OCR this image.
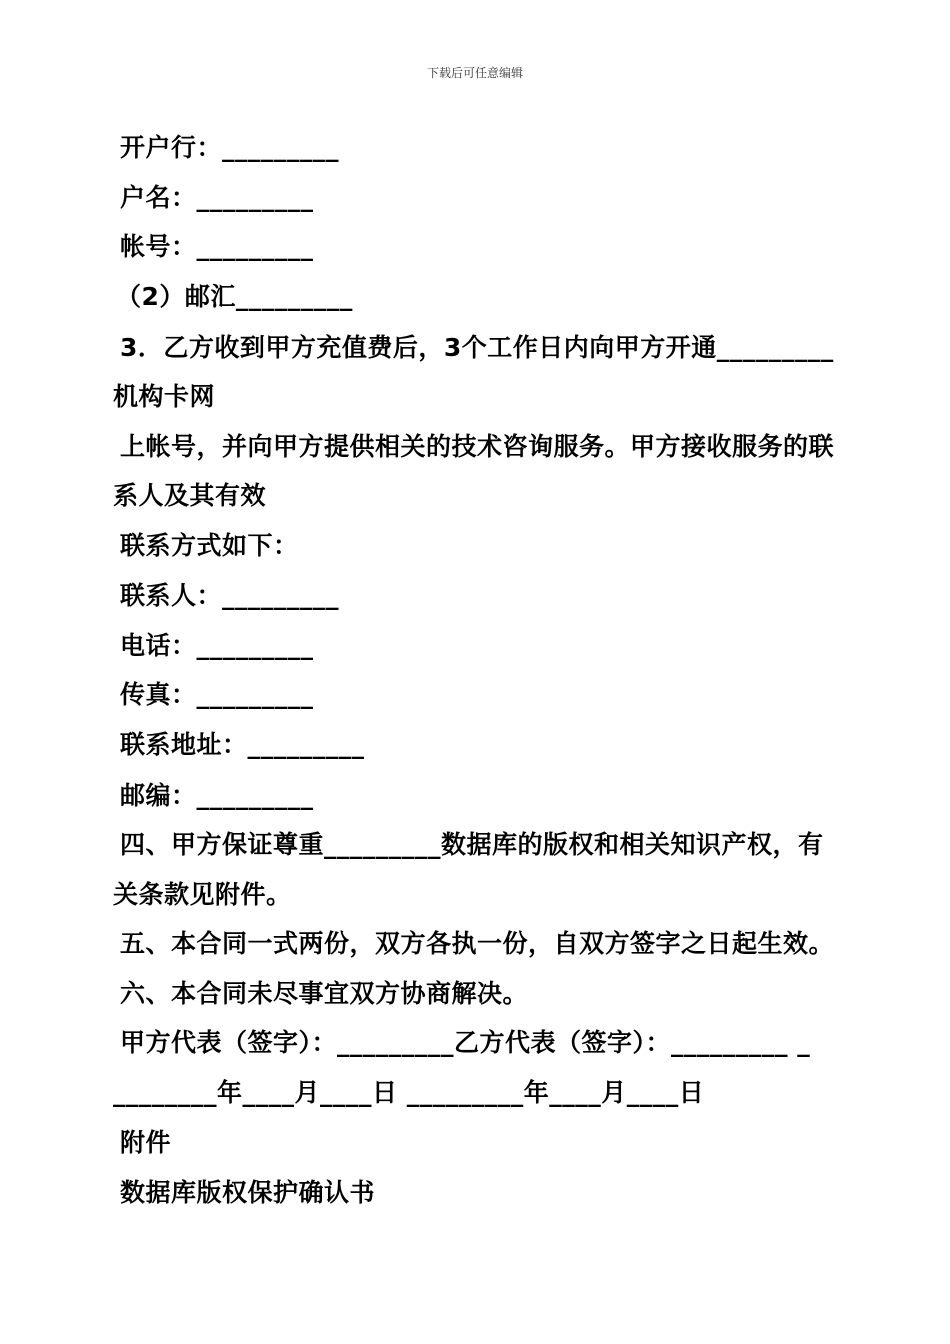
下载后可任意编辑
开户行：_________
户名：_________
帐号：_________
（2）邮汇_________
3．乙方收到甲方充值费后，3个工作日内向甲方开通_________
机构卡网
上帐号，并向甲方提供相关的技术咨询服务。甲方接收服务的联
系人及其有效
联系方式如下：
联系人：_________
电话：_________
传真：_________
联系地址：_________
邮编：_________
四、甲方保证尊重_________数据库的版权和相关知识产权，有
关条款见附件。
五、本合同一式两份，双方各执一份，自双方签字之日起生效。
六、本合同未尽事宜双方协商解决。
甲方代表（签字）：_________乙方代表（签字）：_________ _
________年____月____日 _________年____月____日
附件
数据库版权保护确认书
